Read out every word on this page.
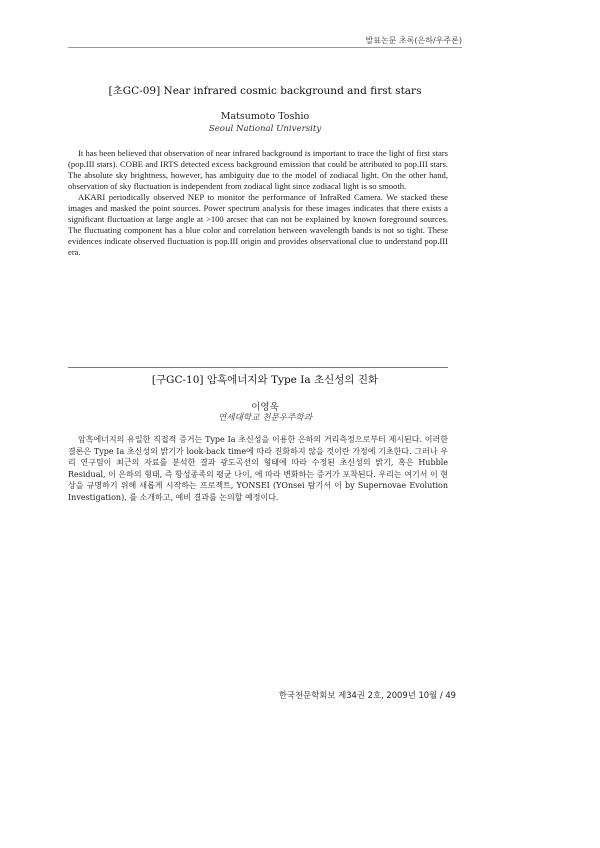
발표논문 초록(은하/우주론)
[초GC-09] Near infrared cosmic background and first stars
Matsumoto Toshio
Seoul National University

It has been believed that observation of near infrared background is important to trace the light of first stars (pop.III stars). COBE and IRTS detected excess background emission that could be attributed to pop.III stars. The absolute sky brightness, however, has ambiguity due to the model of zodiacal light. On the other hand, observation of sky fluctuation is independent from zodiacal light since zodiacal light is so smooth.

AKARI periodically observed NEP to monitor the performance of InfraRed Camera. We stacked these images and masked the point sources. Power spectrum analysis for these images indicates that there exists a significant fluctuation at large angle at >100 arcsec that can not be explained by known foreground sources. The fluctuating component has a blue color and correlation between wavelength bands is not so tight. These evidences indicate observed fluctuation is pop.III origin and provides observational clue to understand pop.III era.

[구GC-10] 암흑에너지와 Type Ia 초신성의 진화
이영욱
연세대학교 천문우주학과

암흑에너지의 유일한 직접적 증거는 Type Ia 초신성을 이용한 은하의 거리측정으로부터 제시된다. 이러한 결론은 Type Ia 초신성의 밝기가 look-back time에 따라 진화하지 않을 것이란 가정에 기초한다. 그러나 우리 연구팀이 최근의 자료를 분석한 결과 광도곡선의 형태에 따라 수정된 초신성의 밝기, 혹은 Hubble Residual, 이 은하의 형태, 즉 항성종족의 평균 나이, 에 따라 변화하는 증거가 포착된다. 우리는 여기서 이 현상을 규명하기 위해 새롭게 시작하는 프로젝트, YONSEI (YOnsei 탐기서 이 by Supernovae Evolution Investigation), 를 소개하고, 예비 결과를 논의할 예정이다.

한국천문학회보 제34권 2호, 2009년 10월 / 49
